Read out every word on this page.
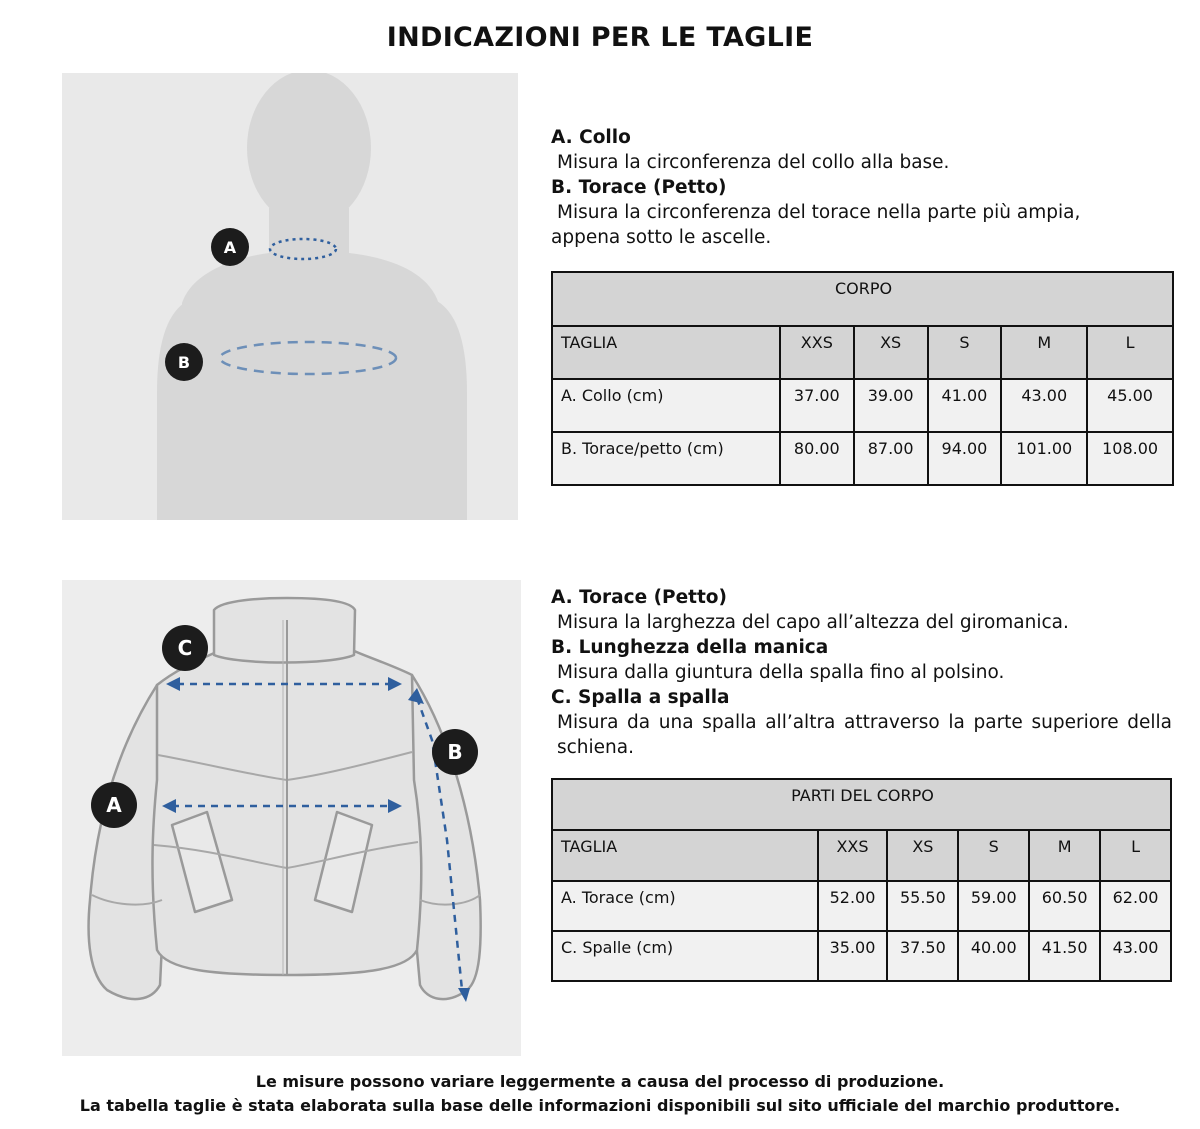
INDICAZIONI PER LE TAGLIE
A
B
A. Collo
Misura la circonferenza del collo alla base.
B. Torace (Petto)
Misura la circonferenza del torace nella parte più ampia,
appena sotto le ascelle.
CORPO					
TAGLIA	XXS	XS	S	M	L
A. Collo (cm)	37.00	39.00	41.00	43.00	45.00
B. Torace/petto (cm)	80.00	87.00	94.00	101.00	108.00
A
B
C
A. Torace (Petto)
Misura la larghezza del capo all’altezza del giromanica.
B. Lunghezza della manica
Misura dalla giuntura della spalla fino al polsino.
C. Spalla a spalla
Misura da una spalla all’altra attraverso la parte superiore della schiena.
PARTI DEL CORPO					
TAGLIA	XXS	XS	S	M	L
A. Torace (cm)	52.00	55.50	59.00	60.50	62.00
C. Spalle (cm)	35.00	37.50	40.00	41.50	43.00
Le misure possono variare leggermente a causa del processo di produzione.
La tabella taglie è stata elaborata sulla base delle informazioni disponibili sul sito ufficiale del marchio produttore.
